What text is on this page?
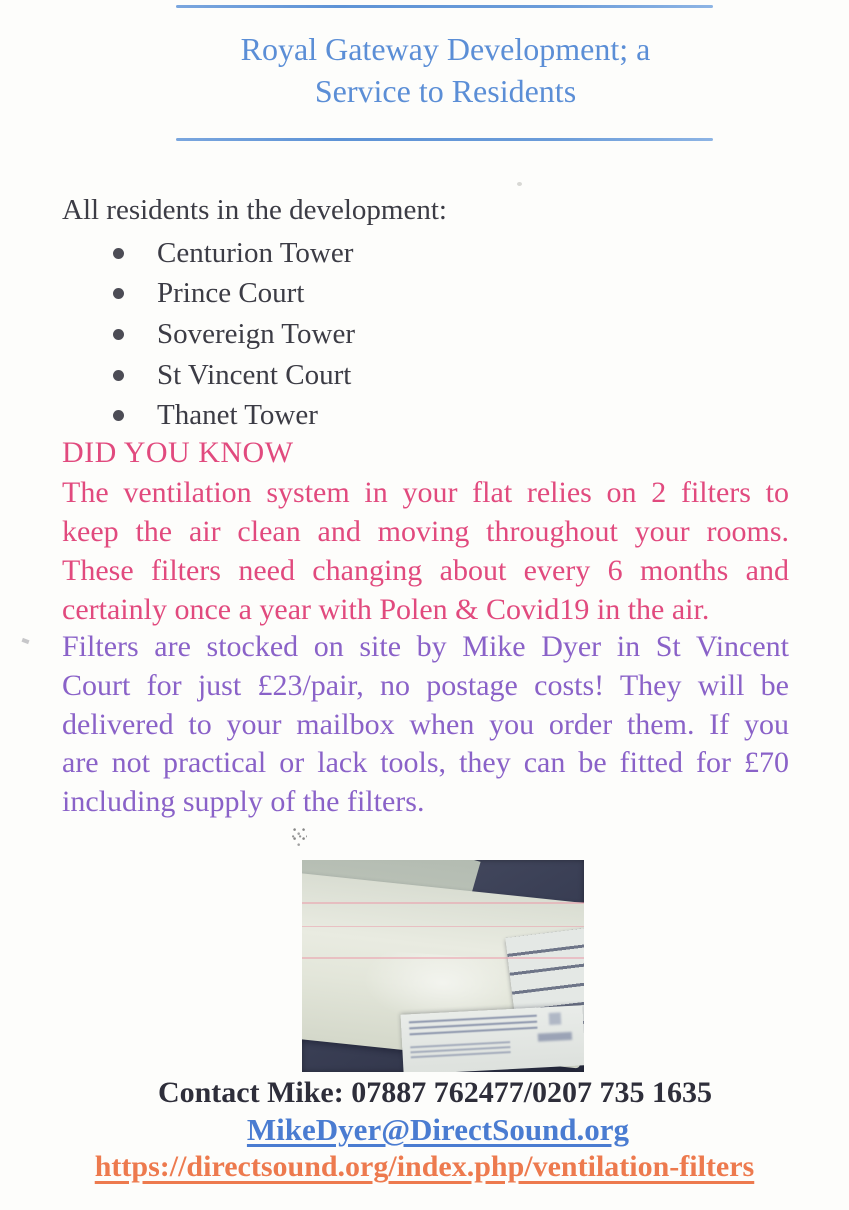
Royal Gateway Development; a
Service to Residents
All residents in the development:
Centurion Tower
Prince Court
Sovereign Tower
St Vincent Court
Thanet Tower
DID YOU KNOW
The ventilation system in your flat relies on 2 filters to
keep the air clean and moving throughout your rooms.
These filters need changing about every 6 months and
certainly once a year with Polen & Covid19 in the air.
Filters are stocked on site by Mike Dyer in St Vincent
Court for just £23/pair, no postage costs! They will be
delivered to your mailbox when you order them. If you
are not practical or lack tools, they can be fitted for £70
including supply of the filters.
Contact Mike: 07887 762477/0207 735 1635
MikeDyer@DirectSound.org
https://directsound.org/index.php/ventilation-filters
